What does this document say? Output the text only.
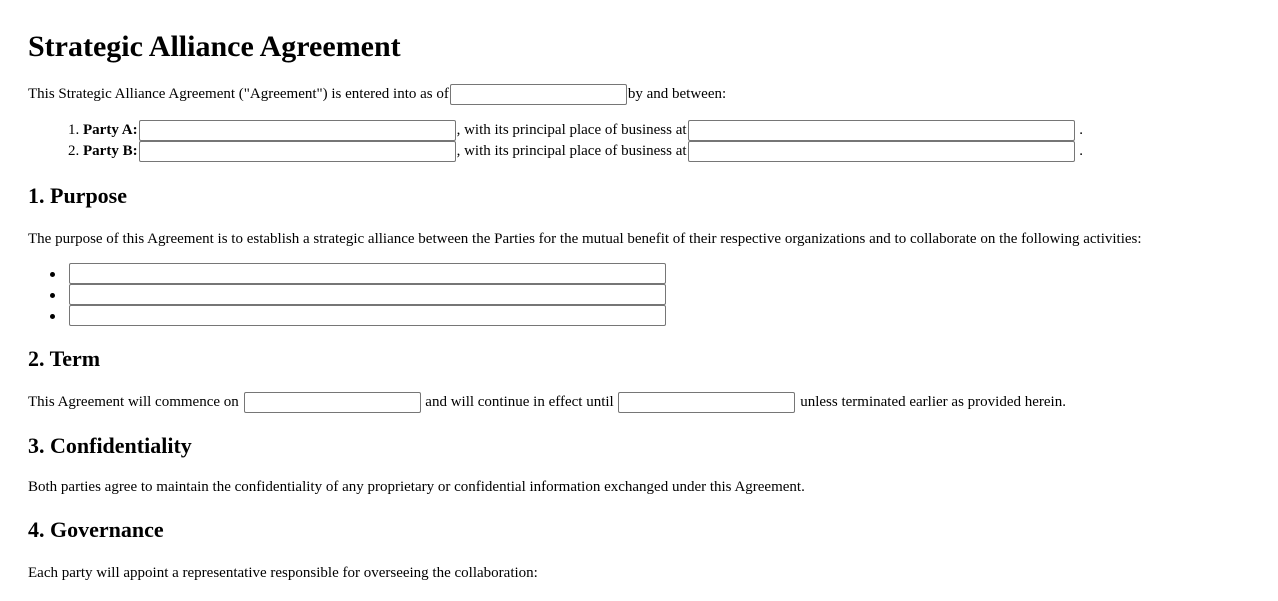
Strategic Alliance Agreement

This Strategic Alliance Agreement ("Agreement") is entered into as of	by and between:

1. Party A:	, with its principal place of business at	.
2. Party B:	, with its principal place of business at	.
1. Purpose

The purpose of this Agreement is to establish a strategic alliance between the Parties for the mutual benefit of their respective organizations and to collaborate on the following activities:

2. Term

This Agreement will commence on	and will continue in effect until	unless terminated earlier as provided herein.

3. Confidentiality

Both parties agree to maintain the confidentiality of any proprietary or confidential information exchanged under this Agreement.

4. Governance

Each party will appoint a representative responsible for overseeing the collaboration:
